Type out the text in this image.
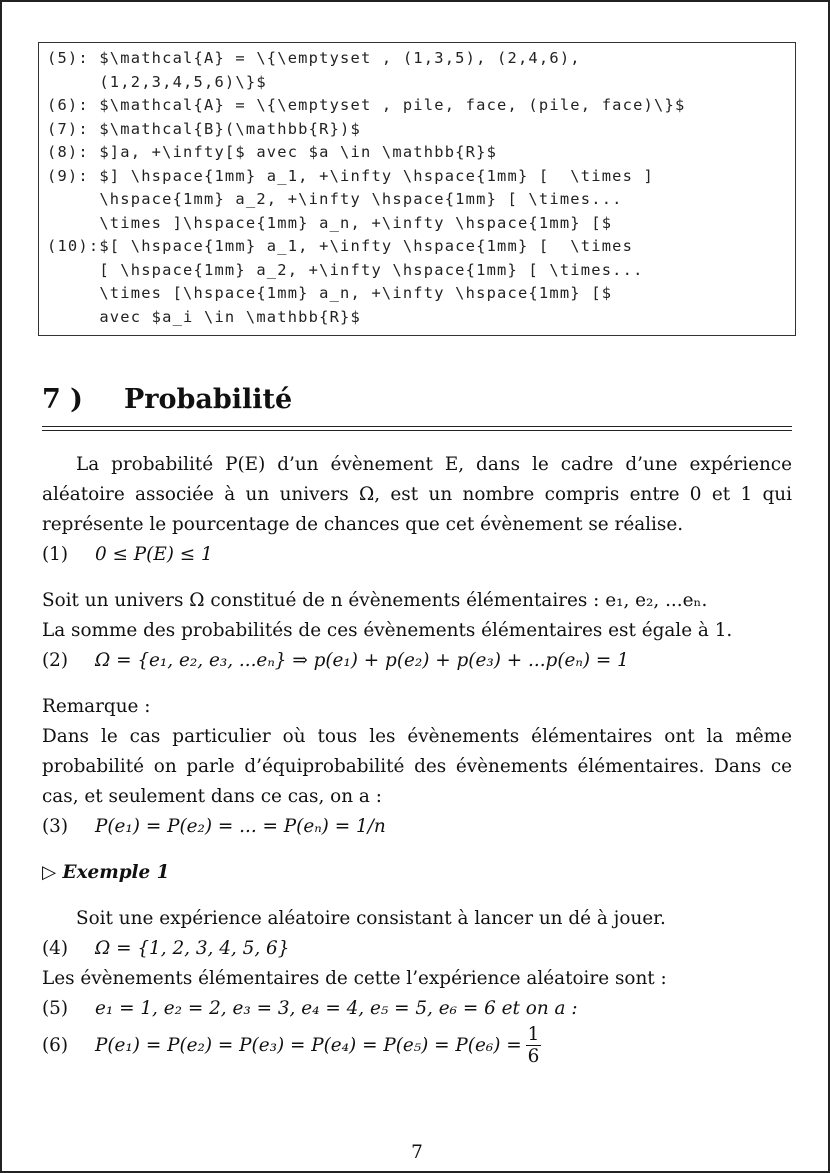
(5): $\mathcal{A} = \{\emptyset , (1,3,5), (2,4,6),
(1,2,3,4,5,6)\}$
(6): $\mathcal{A} = \{\emptyset , pile, face, (pile, face)\}$
(7): $\mathcal{B}(\mathbb{R})$
(8): $]a, +\infty[$ avec $a \in \mathbb{R}$
(9): $] \hspace{1mm} a_1, +\infty \hspace{1mm} [  \times ]
\hspace{1mm} a_2, +\infty \hspace{1mm} [ \times...
\times ]\hspace{1mm} a_n, +\infty \hspace{1mm} [$
(10):$[ \hspace{1mm} a_1, +\infty \hspace{1mm} [  \times
[ \hspace{1mm} a_2, +\infty \hspace{1mm} [ \times...
\times [\hspace{1mm} a_n, +\infty \hspace{1mm} [$
avec $a_i \in \mathbb{R}$
7 ) Probabilité

La probabilité P(E) d’un évènement E, dans le cadre d’une expérience aléatoire associée à un univers Ω, est un nombre compris entre 0 et 1 qui représente le pourcentage de chances que cet évènement se réalise.

(1)	0 ≤ P(E) ≤ 1

Soit un univers Ω constitué de n évènements élémentaires : e₁, e₂, ...eₙ.

La somme des probabilités de ces évènements élémentaires est égale à 1.

(2)	Ω = {e₁, e₂, e₃, ...eₙ} ⇒ p(e₁) + p(e₂) + p(e₃) + ...p(eₙ) = 1

Remarque :

Dans le cas particulier où tous les évènements élémentaires ont la même probabilité on parle d’équiprobabilité des évènements élémentaires. Dans ce cas, et seulement dans ce cas, on a :

(3)	P(e₁) = P(e₂) = ... = P(eₙ) = 1/n

▷ Exemple 1

Soit une expérience aléatoire consistant à lancer un dé à jouer.

(4)	Ω = {1, 2, 3, 4, 5, 6}

Les évènements élémentaires de cette l’expérience aléatoire sont :

(5)	e₁ = 1, e₂ = 2, e₃ = 3, e₄ = 4, e₅ = 5, e₆ = 6 et on a :
(6)	$P(e_1) = P(e_2) = P(e_3) = P(e_4) = P(e_5) = P(e_6) = \frac{1}{6}$
7
